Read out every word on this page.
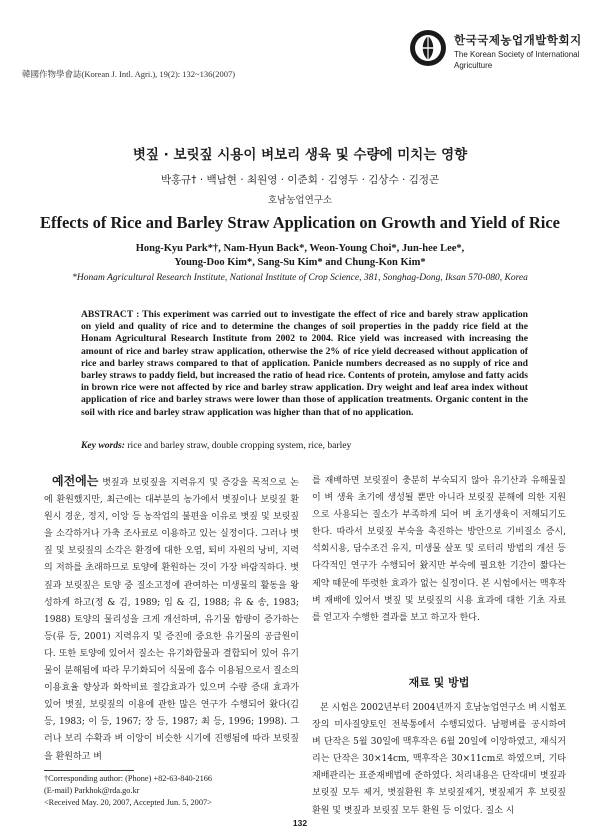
韓國作物學會誌(Korean J. Intl. Agri.), 19(2): 132~136(2007)
한국국제농업개발학회지
The Korean Society of International
Agriculture
볏짚 · 보릿짚 시용이 벼보리 생육 및 수량에 미치는 영향
박홍규† · 백남현 · 최원영 · 이준회 · 김영두 · 김상수 · 김정곤
호남농업연구소
Effects of Rice and Barley Straw Application on Growth and Yield of Rice
Hong-Kyu Park*†, Nam-Hyun Back*, Weon-Young Choi*, Jun-hee Lee*,
Young-Doo Kim*, Sang-Su Kim* and Chung-Kon Kim*
*Honam Agricultural Research Institute, National Institute of Crop Science, 381, Songhag-Dong, Iksan 570-080, Korea
ABSTRACT : This experiment was carried out to investigate the effect of rice and barely straw application on yield and quality of rice and to determine the changes of soil properties in the paddy rice field at the Honam Agricultural Research Institute from 2002 to 2004. Rice yield was increased with increasing the amount of rice and barley straw application, otherwise the 2% of rice yield decreased without application of rice and barley straws compared to that of application. Panicle numbers decreased as no supply of rice and barley straws to paddy field, but increased the ratio of head rice. Contents of protein, amylose and fatty acids in brown rice were not affected by rice and barley straw application. Dry weight and leaf area index without application of rice and barley straws were lower than those of application treatments. Organic content in the soil with rice and barley straw application was higher than that of no application.
Key words: rice and barley straw, double cropping system, rice, barley

예전에는 볏짚과 보릿짚을 지력유지 및 증강을 목적으로 논에 환원했지만, 최근에는 대부분의 농가에서 볏짚이나 보릿짚 환원시 경운, 정지, 이앙 등 농작업의 불편을 이유로 볏짚 및 보릿짚을 소각하거나 가축 조사료로 이용하고 있는 실정이다. 그러나 볏짚 및 보릿짚의 소각은 환경에 대한 오염, 퇴비 자원의 낭비, 지력의 저하를 초래하므로 토양에 환원하는 것이 가장 바람직하다. 볏짚과 보릿짚은 토양 중 질소고정에 관여하는 미생물의 활동을 왕성하게 하고(정 & 김, 1989; 임 & 김, 1988; 유 & 송, 1983; 1988) 토양의 물리성을 크게 개선하며, 유기물 함량이 증가하는 등(류 등, 2001) 지력유지 및 증진에 중요한 유기물의 공급원이다. 또한 토양에 있어서 질소는 유기화합물과 결합되어 있어 유기물이 분해됨에 따라 무기화되어 식물에 흡수 이용됨으로서 질소의 이용효율 향상과 화학비료 절감효과가 있으며 수량 증대 효과가 있어 볏짚, 보릿짚의 이용에 관한 많은 연구가 수행되어 왔다(김 등, 1983; 이 등, 1967; 장 등, 1987; 최 등, 1996; 1998). 그러나 보리 수확과 벼 이앙이 비슷한 시기에 진행됨에 따라 보릿짚을 환원하고 벼

를 재배하면 보릿짚이 충분히 부숙되지 않아 유기산과 유해물질이 벼 생육 초기에 생성될 뿐만 아니라 보릿짚 분해에 의한 지원으로 사용되는 질소가 부족하게 되어 벼 초기생육이 저해되기도 한다. 따라서 보릿짚 부숙을 촉진하는 방안으로 기비질소 증시, 석회시용, 담수조건 유지, 미생물 살포 및 로터리 방법의 개선 등 다각적인 연구가 수행되어 왔지만 부숙에 필요한 기간이 짧다는 제약 때문에 뚜렷한 효과가 없는 실정이다. 본 시험에서는 맥후작 벼 재배에 있어서 볏짚 및 보릿짚의 시용 효과에 대한 기초 자료를 얻고자 수행한 결과를 보고 하고자 한다.

재료 및 방법

본 시험은 2002년부터 2004년까지 호남농업연구소 벼 시험포장의 미사질양토인 전북통에서 수행되었다. 남평벼를 공시하여 벼 단작은 5월 30일에 맥후작은 6월 20일에 이앙하였고, 재식거리는 단작은 30×14cm, 맥후작은 30×11cm로 하였으며, 기타 재배관리는 표준재배법에 준하였다. 처리내용은 단작대비 볏짚과 보릿짚 모두 제거, 볏짚환원 후 보릿짚제거, 볏짚제거 후 보릿짚환원 및 볏짚과 보릿짚 모두 환원 등 이었다. 질소 시

†Corresponding author: (Phone) +82-63-840-2166
(E-mail) Parkhok@rda.go.kr
<Received May. 20, 2007, Accepted Jun. 5, 2007>
132
